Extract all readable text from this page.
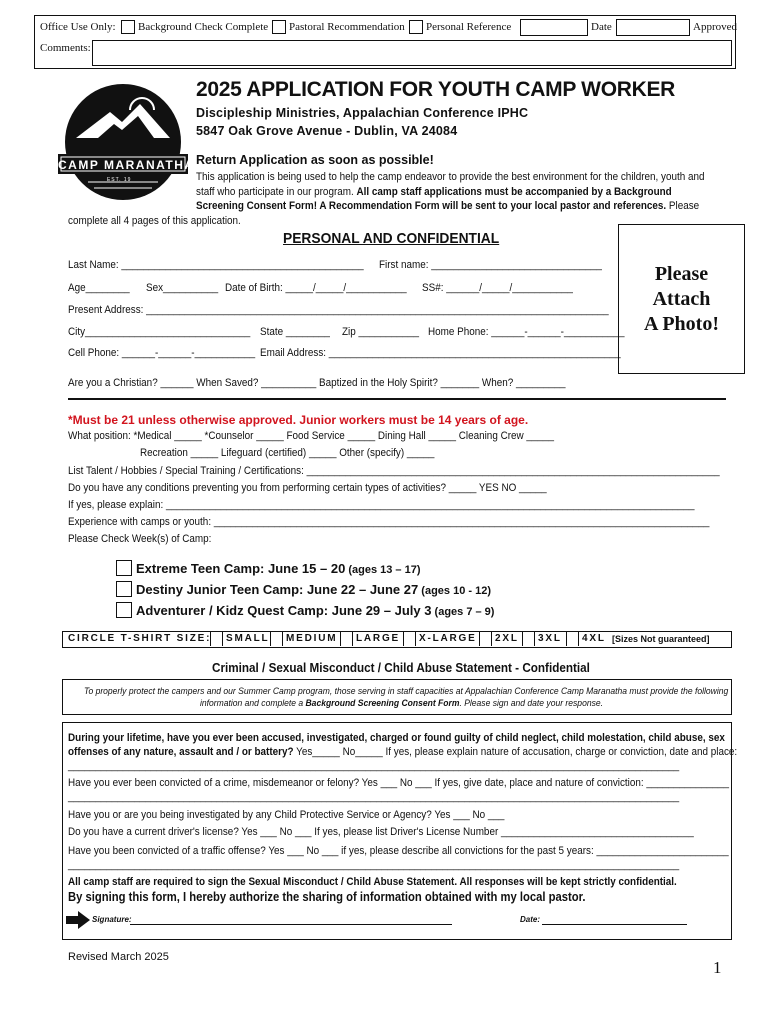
Office Use Only: Background Check Complete Pastoral Recommendation Personal Reference	Date	Approved
Comments:
CAMP MARANATHA
EST. 19__
2025 APPLICATION FOR YOUTH CAMP WORKER
Discipleship Ministries, Appalachian Conference IPHC
5847 Oak Grove Avenue - Dublin, VA 24084
Return Application as soon as possible!
This application is being used to help the camp endeavor to provide the best environment for the children, youth and
staff who participate in our program. All camp staff applications must be accompanied by a Background
Screening Consent Form! A Recommendation Form will be sent to your local pastor and references. Please
complete all 4 pages of this application.
Please
Attach
A Photo!
PERSONAL AND CONFIDENTIAL
Last Name: ____________________________________________ First name: _______________________________
Age________ Sex__________ Date of Birth: _____/_____/___________ SS#: ______/_____/___________
Present Address: ____________________________________________________________________________________
City______________________________ State ________ Zip ___________ Home Phone: ______-______-___________
Cell Phone: ______-______-___________ Email Address: _____________________________________________________
Are you a Christian? ______ When Saved? __________ Baptized in the Holy Spirit? _______ When? _________
*Must be 21 unless otherwise approved. Junior workers must be 14 years of age.
What position: *Medical _____ *Counselor _____ Food Service _____ Dining Hall _____ Cleaning Crew _____
Recreation _____ Lifeguard (certified) _____ Other (specify) _____
List Talent / Hobbies / Special Training / Certifications: ___________________________________________________________________________
Do you have any conditions preventing you from performing certain types of activities? _____ YES NO _____
If yes, please explain: ________________________________________________________________________________________________
Experience with camps or youth: __________________________________________________________________________________________
Please Check Week(s) of Camp:
Extreme Teen Camp: June 15 – 20 (ages 13 – 17)
Destiny Junior Teen Camp: June 22 – June 27 (ages 10 - 12)
Adventurer / Kidz Quest Camp: June 29 – July 3 (ages 7 – 9)
CIRCLE T-SHIRT SIZE: SMALL MEDIUM LARGE X-LARGE 2XL 3XL 4XL [Sizes Not guaranteed]
Criminal / Sexual Misconduct / Child Abuse Statement - Confidential
To properly protect the campers and our Summer Camp program, those serving in staff capacities at Appalachian Conference Camp Maranatha must provide the following
information and complete a Background Screening Consent Form. Please sign and date your response.
During your lifetime, have you ever been accused, investigated, charged or found guilty of child neglect, child molestation, child abuse, sex
offenses of any nature, assault and / or battery? Yes_____ No_____ If yes, please explain nature of accusation, charge or conviction, date and place:
_______________________________________________________________________________________________________________
Have you ever been convicted of a crime, misdemeanor or felony? Yes ___ No ___ If yes, give date, place and nature of conviction: _______________
_______________________________________________________________________________________________________________
Have you or are you being investigated by any Child Protective Service or Agency? Yes ___ No ___
Do you have a current driver's license? Yes ___ No ___ If yes, please list Driver's License Number ___________________________________
Have you been convicted of a traffic offense? Yes ___ No ___ if yes, please describe all convictions for the past 5 years: ________________________
_______________________________________________________________________________________________________________
All camp staff are required to sign the Sexual Misconduct / Child Abuse Statement. All responses will be kept strictly confidential.
By signing this form, I hereby authorize the sharing of information obtained with my local pastor.
Signature:	Date:
Revised March 2025
1
